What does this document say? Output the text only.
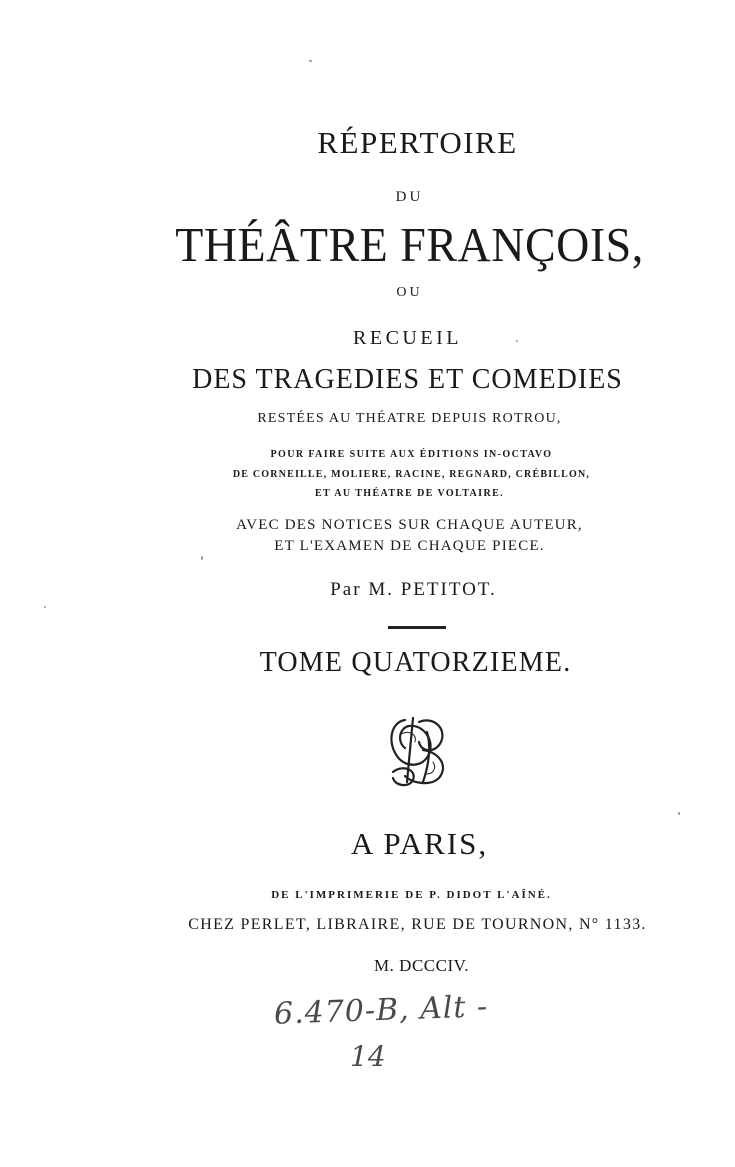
RÉPERTOIRE
DU
THÉÂTRE FRANÇOIS,
OU
RECUEIL
DES TRAGEDIES ET COMEDIES
RESTÉES AU THÉATRE DEPUIS ROTROU,
POUR FAIRE SUITE AUX ÉDITIONS IN-OCTAVO
DE CORNEILLE, MOLIERE, RACINE, REGNARD, CRÉBILLON,
ET AU THÉATRE DE VOLTAIRE.
AVEC DES NOTICES SUR CHAQUE AUTEUR,
ET L'EXAMEN DE CHAQUE PIECE.
Par M. PETITOT.
TOME QUATORZIEME.
A PARIS,
DE L'IMPRIMERIE DE P. DIDOT L'AÎNÉ.
CHEZ PERLET, LIBRAIRE, RUE DE TOURNON, N° 1133.
M. DCCCIV.
6.470-B, Alt -
14
